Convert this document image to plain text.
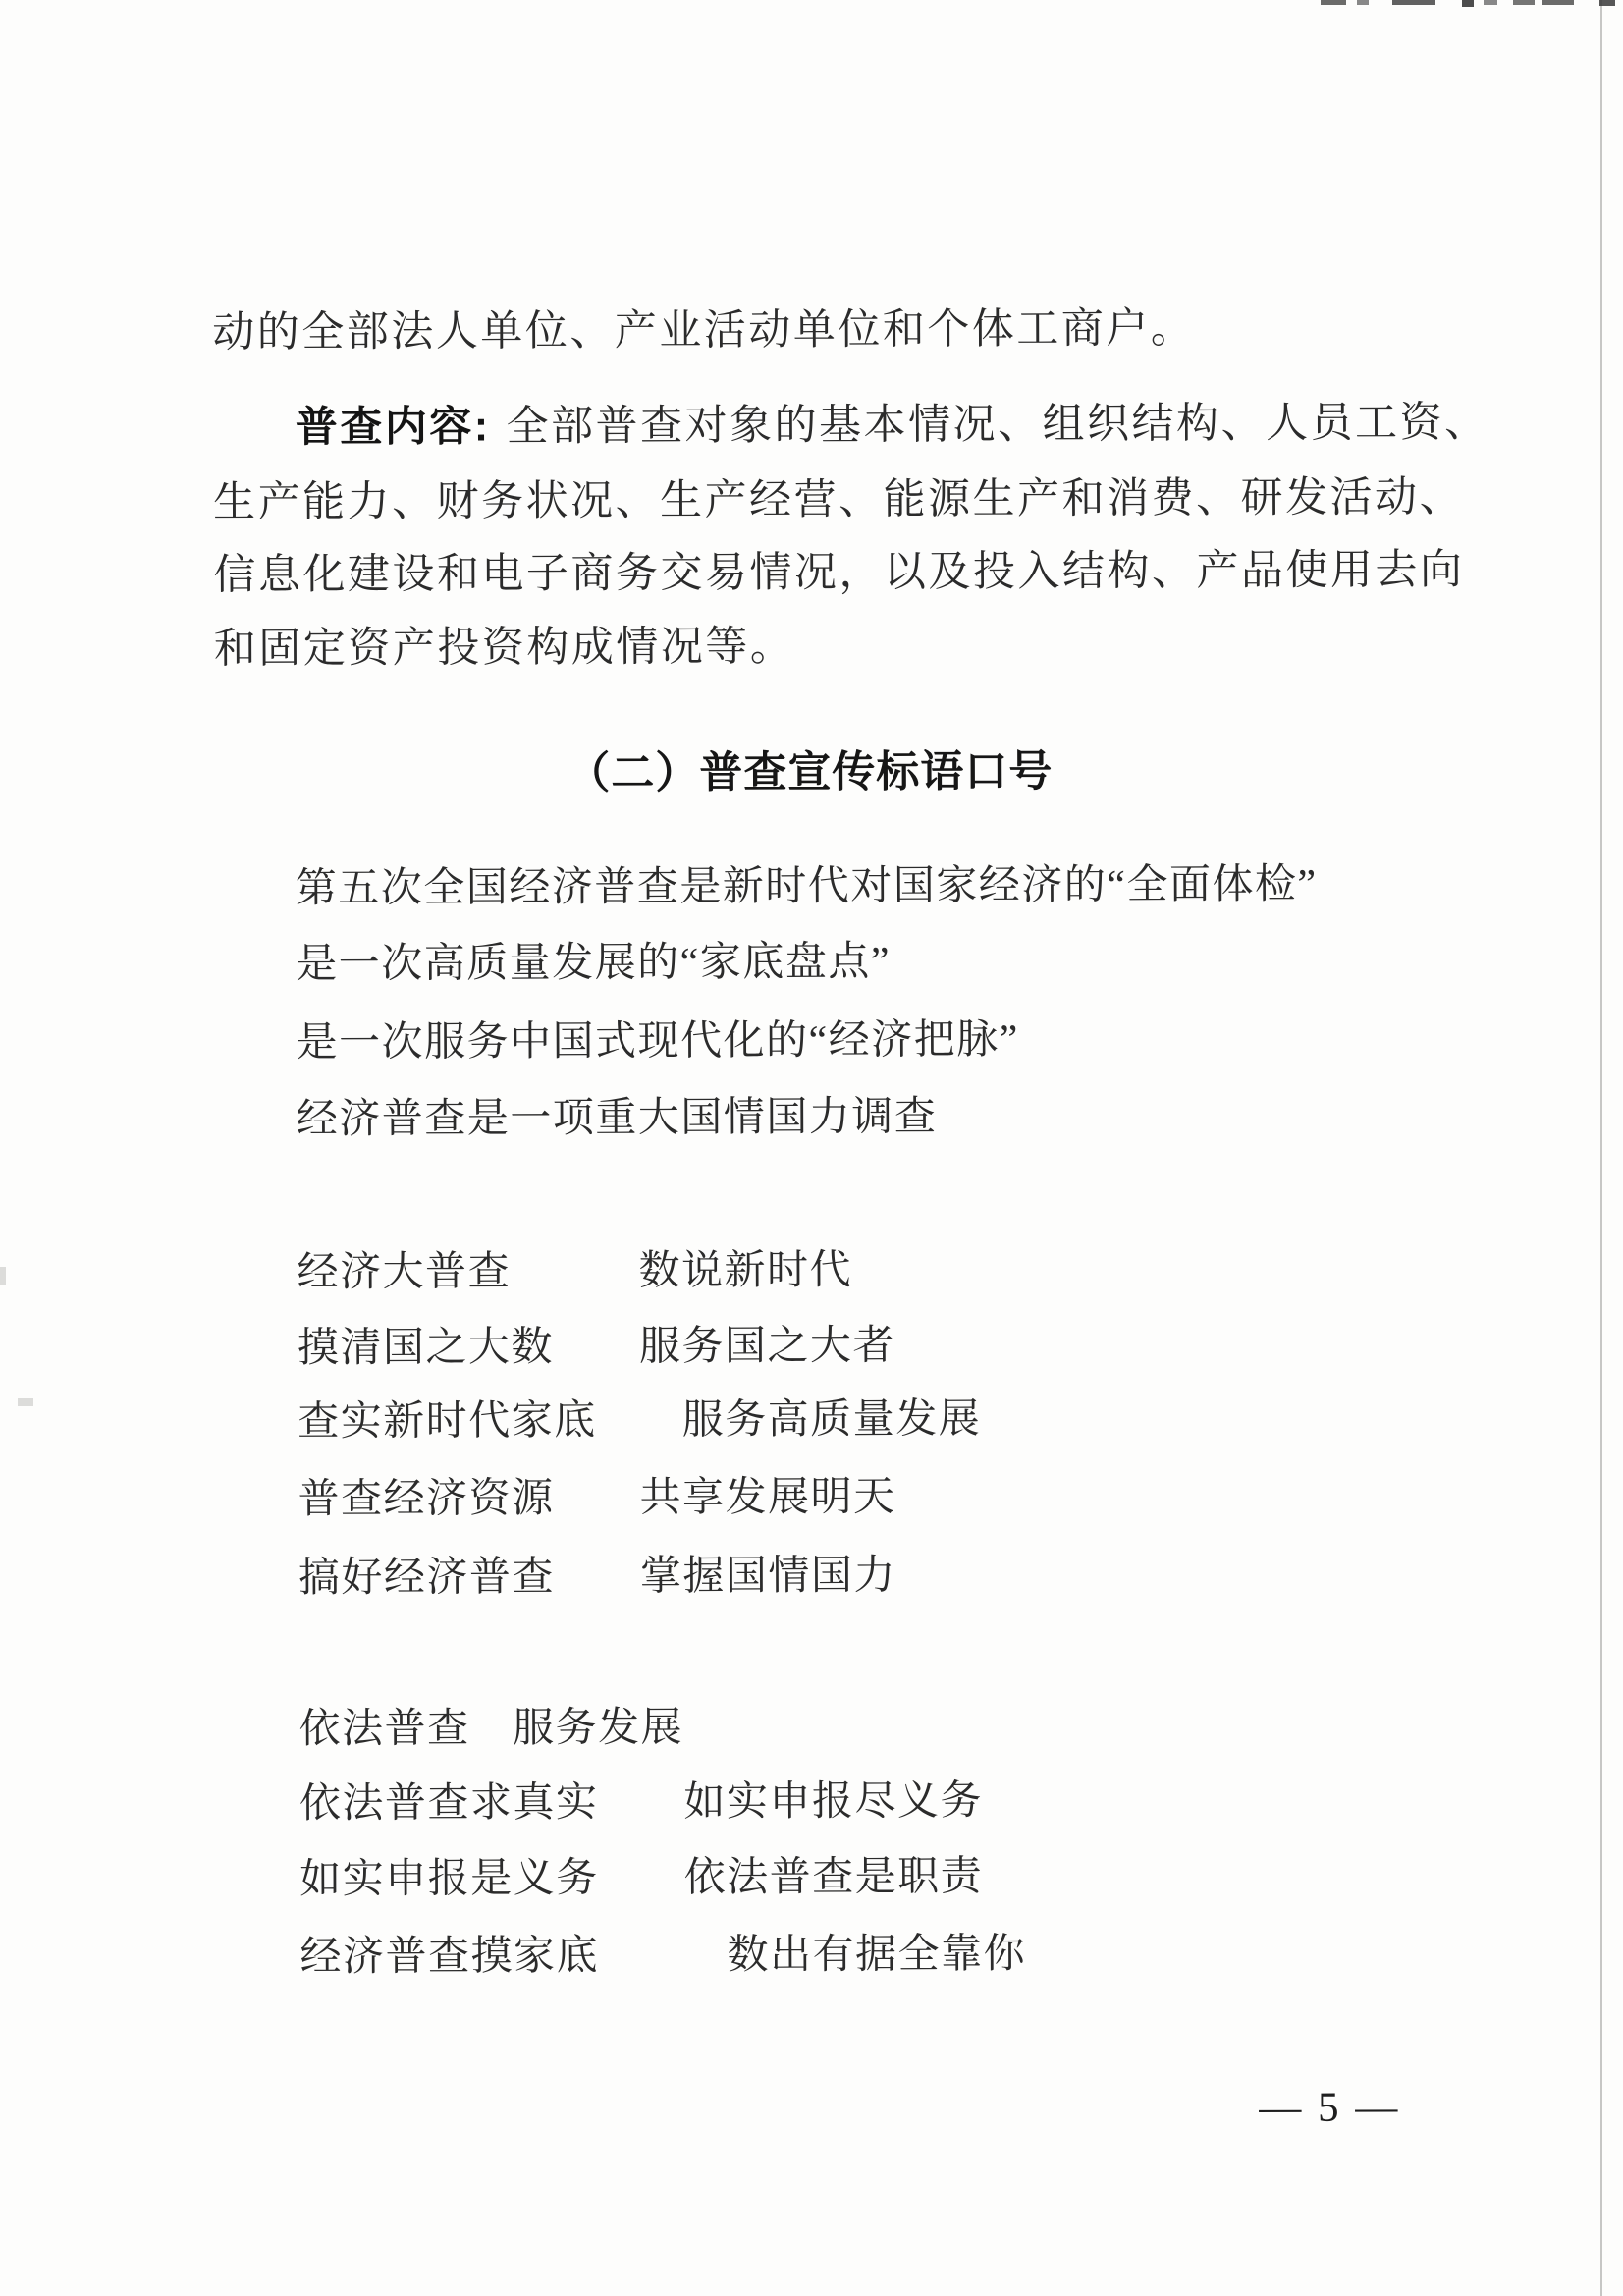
动的全部法人单位、产业活动单位和个体工商户。
普查内容: 全部普查对象的基本情况、组织结构、人员工资、
生产能力、财务状况、生产经营、能源生产和消费、研发活动、
信息化建设和电子商务交易情况，以及投入结构、产品使用去向
和固定资产投资构成情况等。
（二）普查宣传标语口号
第五次全国经济普查是新时代对国家经济的“全面体检”
是一次高质量发展的“家底盘点”
是一次服务中国式现代化的“经济把脉”
经济普查是一项重大国情国力调查
经济大普查　　　数说新时代
摸清国之大数　　服务国之大者
查实新时代家底　　服务高质量发展
普查经济资源　　共享发展明天
搞好经济普查　　掌握国情国力
依法普查　服务发展
依法普查求真实　　如实申报尽义务
如实申报是义务　　依法普查是职责
经济普查摸家底　　　数出有据全靠你
— 5 —
